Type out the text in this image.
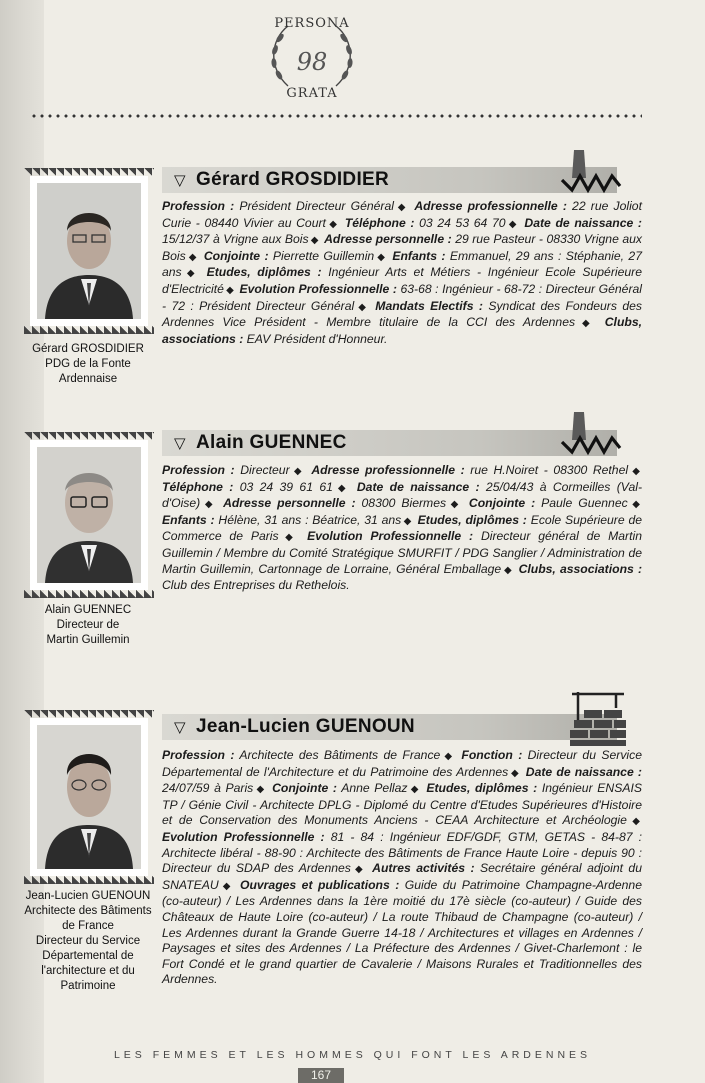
PERSONA
98
GRATA
Gérard GROSDIDIER
PDG de la Fonte
Ardennaise
▽ Gérard GROSDIDIER
Profession : Président Directeur Général ◆ Adresse professionnelle : 22 rue Joliot Curie - 08440 Vivier au Court ◆ Téléphone : 03 24 53 64 70 ◆ Date de naissance : 15/12/37 à Vrigne aux Bois ◆ Adresse personnelle : 29 rue Pasteur - 08330 Vrigne aux Bois ◆ Conjointe : Pierrette Guillemin ◆ Enfants : Emmanuel, 29 ans : Stéphanie, 27 ans ◆ Etudes, diplômes : Ingénieur Arts et Métiers - Ingénieur Ecole Supérieure d'Electricité ◆ Evolution Professionnelle : 63-68 : Ingénieur - 68-72 : Directeur Général - 72 : Président Directeur Général ◆ Mandats Electifs : Syndicat des Fondeurs des Ardennes Vice Président - Membre titulaire de la CCI des Ardennes ◆ Clubs, associations : EAV Président d'Honneur.
Alain GUENNEC
Directeur de
Martin Guillemin
▽ Alain GUENNEC
Profession : Directeur ◆ Adresse professionnelle : rue H.Noiret - 08300 Rethel ◆ Téléphone : 03 24 39 61 61 ◆ Date de naissance : 25/04/43 à Cormeilles (Val-d'Oise) ◆ Adresse personnelle : 08300 Biermes ◆ Conjointe : Paule Guennec ◆ Enfants : Hélène, 31 ans : Béatrice, 31 ans ◆ Etudes, diplômes : Ecole Supérieure de Commerce de Paris ◆ Evolution Professionnelle : Directeur général de Martin Guillemin / Membre du Comité Stratégique SMURFIT / PDG Sanglier / Administration de Martin Guillemin, Cartonnage de Lorraine, Général Emballage ◆ Clubs, associations : Club des Entreprises du Rethelois.
Jean-Lucien GUENOUN
Architecte des Bâtiments
de France
Directeur du Service
Départemental de
l'architecture et du
Patrimoine
▽ Jean-Lucien GUENOUN
Profession : Architecte des Bâtiments de France ◆ Fonction : Directeur du Service Départemental de l'Architecture et du Patrimoine des Ardennes ◆ Date de naissance : 24/07/59 à Paris ◆ Conjointe : Anne Pellaz ◆ Etudes, diplômes : Ingénieur ENSAIS TP / Génie Civil - Architecte DPLG - Diplomé du Centre d'Etudes Supérieures d'Histoire et de Conservation des Monuments Anciens - CEAA Architecture et Archéologie ◆ Evolution Professionnelle : 81 - 84 : Ingénieur EDF/GDF, GTM, GETAS - 84-87 : Architecte libéral - 88-90 : Architecte des Bâtiments de France Haute Loire - depuis 90 : Directeur du SDAP des Ardennes ◆ Autres activités : Secrétaire général adjoint du SNATEAU ◆ Ouvrages et publications : Guide du Patrimoine Champagne-Ardenne (co-auteur) / Les Ardennes dans la 1ère moitié du 17è siècle (co-auteur) / Guide des Châteaux de Haute Loire (co-auteur) / La route Thibaud de Champagne (co-auteur) / Les Ardennes durant la Grande Guerre 14-18 / Architectures et villages en Ardennes / Paysages et sites des Ardennes / La Préfecture des Ardennes / Givet-Charlemont : le Fort Condé et le grand quartier de Cavalerie / Maisons Rurales et Traditionnelles des Ardennes.
LES FEMMES ET LES HOMMES QUI FONT LES ARDENNES
167
